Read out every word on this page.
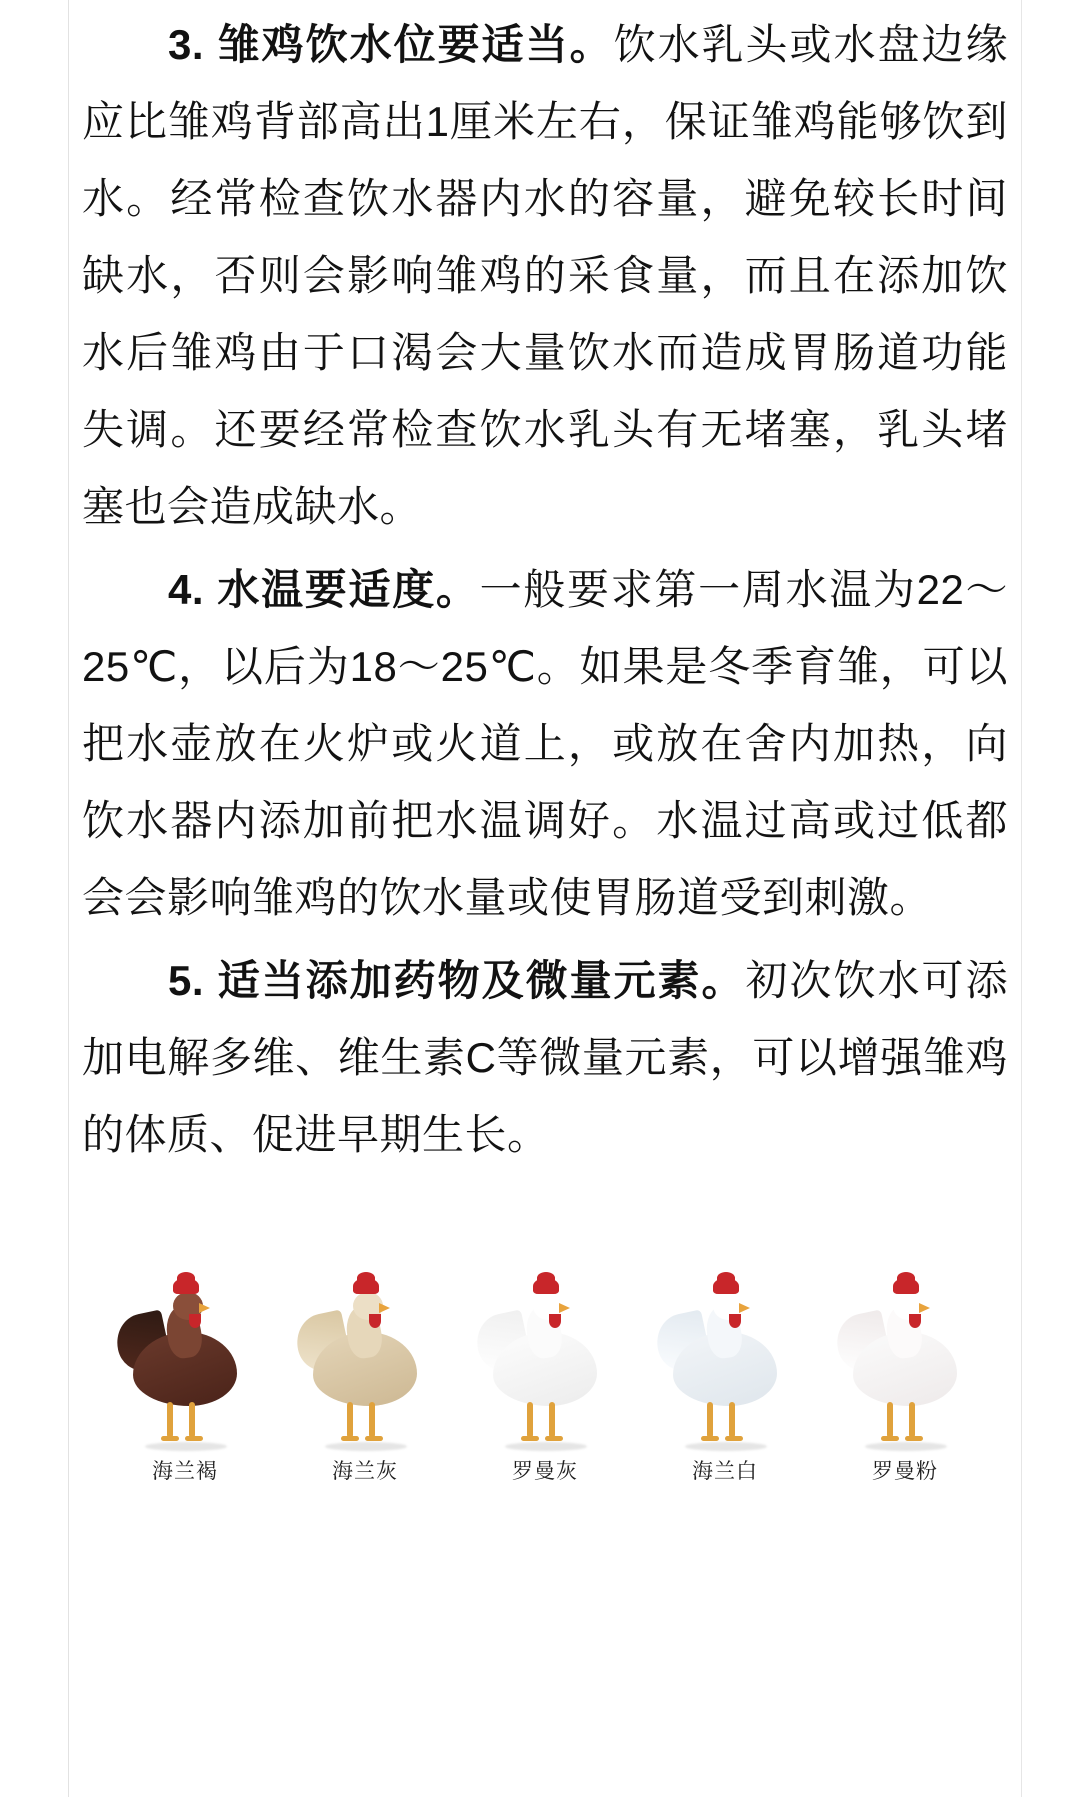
3. 雏鸡饮水位要适当。饮水乳头或水盘边缘应比雏鸡背部高出1厘米左右，保证雏鸡能够饮到水。经常检查饮水器内水的容量，避免较长时间缺水，否则会影响雏鸡的采食量，而且在添加饮水后雏鸡由于口渴会大量饮水而造成胃肠道功能失调。还要经常检查饮水乳头有无堵塞，乳头堵塞也会造成缺水。

4. 水温要适度。一般要求第一周水温为22～25℃，以后为18～25℃。如果是冬季育雏，可以把水壶放在火炉或火道上，或放在舍内加热，向饮水器内添加前把水温调好。水温过高或过低都会会影响雏鸡的饮水量或使胃肠道受到刺激。

5. 适当添加药物及微量元素。初次饮水可添加电解多维、维生素C等微量元素，可以增强雏鸡的体质、促进早期生长。

海兰褐	海兰灰	罗曼灰	海兰白	罗曼粉
